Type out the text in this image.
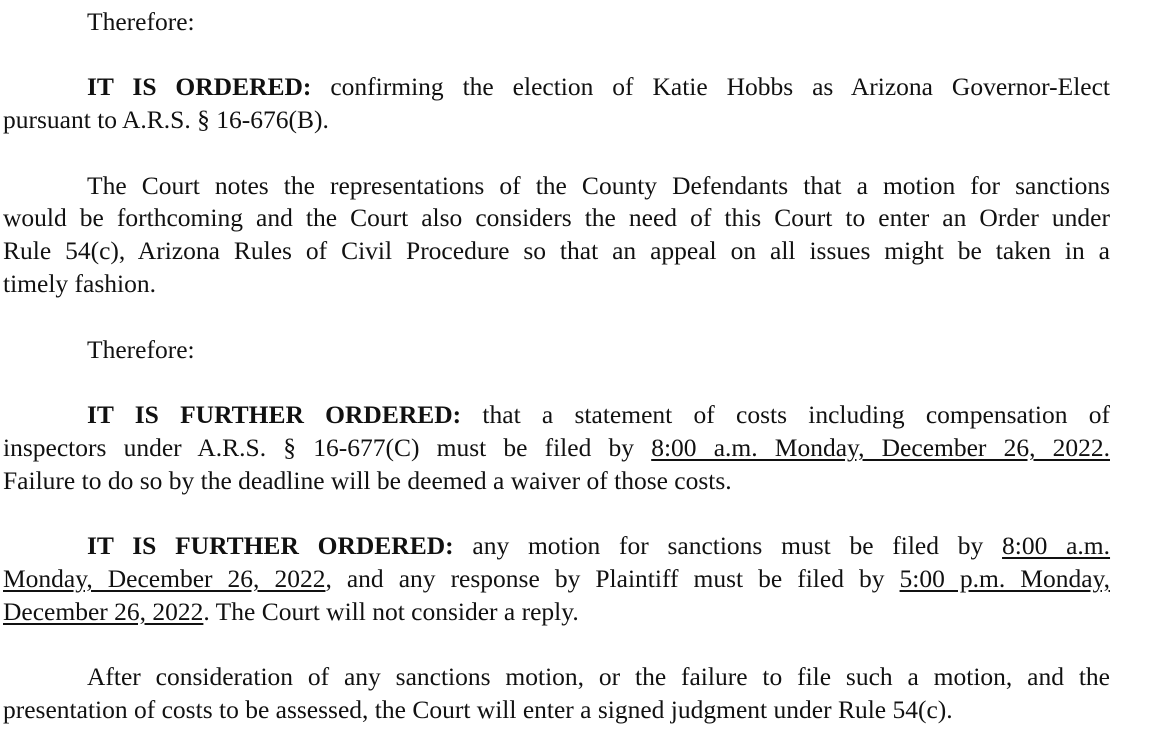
Therefore:
IT IS ORDERED: confirming the election of Katie Hobbs as Arizona Governor-Elect
pursuant to A.R.S. § 16-676(B).
The Court notes the representations of the County Defendants that a motion for sanctions
would be forthcoming and the Court also considers the need of this Court to enter an Order under
Rule 54(c), Arizona Rules of Civil Procedure so that an appeal on all issues might be taken in a
timely fashion.
Therefore:
IT IS FURTHER ORDERED: that a statement of costs including compensation of
inspectors under A.R.S. § 16-677(C) must be filed by 8:00 a.m. Monday, December 26, 2022.
Failure to do so by the deadline will be deemed a waiver of those costs.
IT IS FURTHER ORDERED: any motion for sanctions must be filed by 8:00 a.m.
Monday, December 26, 2022, and any response by Plaintiff must be filed by 5:00 p.m. Monday,
December 26, 2022. The Court will not consider a reply.
After consideration of any sanctions motion, or the failure to file such a motion, and the
presentation of costs to be assessed, the Court will enter a signed judgment under Rule 54(c).
